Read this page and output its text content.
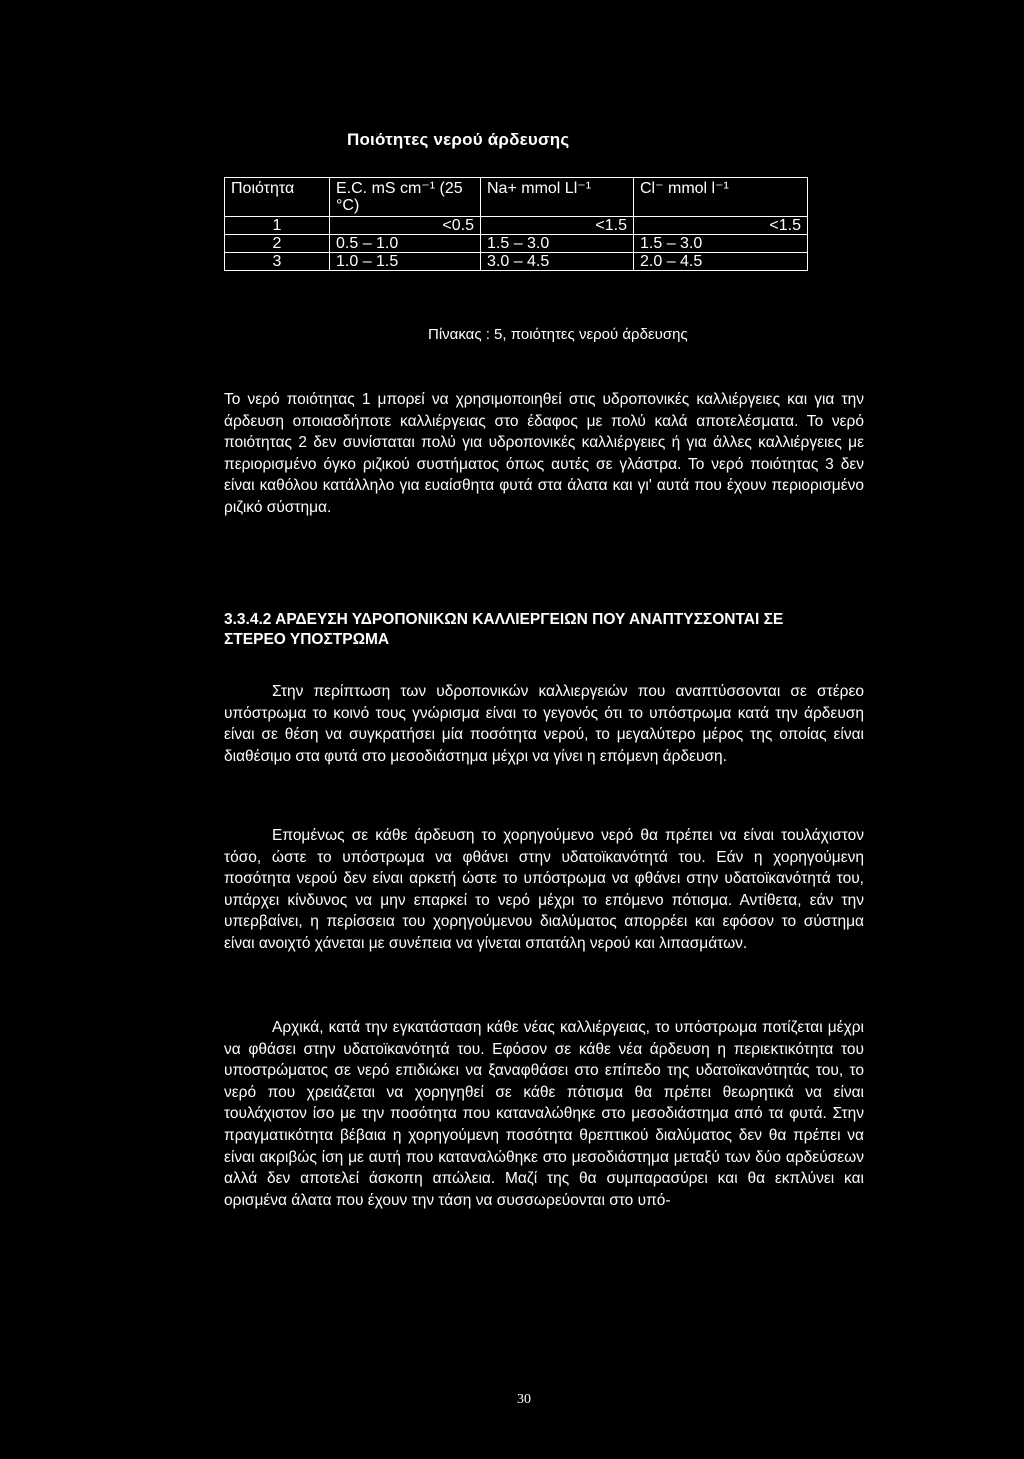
Ποιότητες νερού άρδευσης
Ποιότητα	E.C. mS cm⁻¹ (25 °C)	Na+ mmol Ll⁻¹	Cl⁻ mmol l⁻¹
1	<0.5	<1.5	<1.5
2	0.5 – 1.0	1.5 – 3.0	1.5 – 3.0
3	1.0 – 1.5	3.0 – 4.5	2.0 – 4.5
Πίνακας : 5, ποιότητες νερού άρδευσης

Το νερό ποιότητας 1 μπορεί να χρησιμοποιηθεί στις υδροπονικές καλλιέργειες και για την άρδευση οποιασδήποτε καλλιέργειας στο έδαφος με πολύ καλά αποτελέσματα. Το νερό ποιότητας 2 δεν συνίσταται πολύ για υδροπονικές καλλιέργειες ή για άλλες καλλιέργειες με περιορισμένο όγκο ριζικού συστήματος όπως αυτές σε γλάστρα. Το νερό ποιότητας 3 δεν είναι καθόλου κατάλληλο για ευαίσθητα φυτά στα άλατα και γι' αυτά που έχουν περιορισμένο ριζικό σύστημα.

3.3.4.2 ΑΡΔΕΥΣΗ ΥΔΡΟΠΟΝΙΚΩΝ ΚΑΛΛΙΕΡΓΕΙΩΝ ΠΟΥ ΑΝΑΠΤΥΣΣΟΝΤΑΙ ΣΕ ΣΤΕΡΕΟ ΥΠΟΣΤΡΩΜΑ

Στην περίπτωση των υδροπονικών καλλιεργειών που αναπτύσσονται σε στέρεο υπόστρωμα το κοινό τους γνώρισμα είναι το γεγονός ότι το υπόστρωμα κατά την άρδευση είναι σε θέση να συγκρατήσει μία ποσότητα νερού, το μεγαλύτερο μέρος της οποίας είναι διαθέσιμο στα φυτά στο μεσοδιάστημα μέχρι να γίνει η επόμενη άρδευση.

Επομένως σε κάθε άρδευση το χορηγούμενο νερό θα πρέπει να είναι τουλάχιστον τόσο, ώστε το υπόστρωμα να φθάνει στην υδατοϊκανότητά του. Εάν η χορηγούμενη ποσότητα νερού δεν είναι αρκετή ώστε το υπόστρωμα να φθάνει στην υδατοϊκανότητά του, υπάρχει κίνδυνος να μην επαρκεί το νερό μέχρι το επόμενο πότισμα. Αντίθετα, εάν την υπερβαίνει, η περίσσεια του χορηγούμενου διαλύματος απορρέει και εφόσον το σύστημα είναι ανοιχτό χάνεται με συνέπεια να γίνεται σπατάλη νερού και λιπασμάτων.

Αρχικά, κατά την εγκατάσταση κάθε νέας καλλιέργειας, το υπόστρωμα ποτίζεται μέχρι να φθάσει στην υδατοϊκανότητά του. Εφόσον σε κάθε νέα άρδευση η περιεκτικότητα του υποστρώματος σε νερό επιδιώκει να ξαναφθάσει στο επίπεδο της υδατοϊκανότητάς του, το νερό που χρειάζεται να χορηγηθεί σε κάθε πότισμα θα πρέπει θεωρητικά να είναι τουλάχιστον ίσο με την ποσότητα που καταναλώθηκε στο μεσοδιάστημα από τα φυτά. Στην πραγματικότητα βέβαια η χορηγούμενη ποσότητα θρεπτικού διαλύματος δεν θα πρέπει να είναι ακριβώς ίση με αυτή που καταναλώθηκε στο μεσοδιάστημα μεταξύ των δύο αρδεύσεων αλλά δεν αποτελεί άσκοπη απώλεια. Μαζί της θα συμπαρασύρει και θα εκπλύνει και ορισμένα άλατα που έχουν την τάση να συσσωρεύονται στο υπό-

30
